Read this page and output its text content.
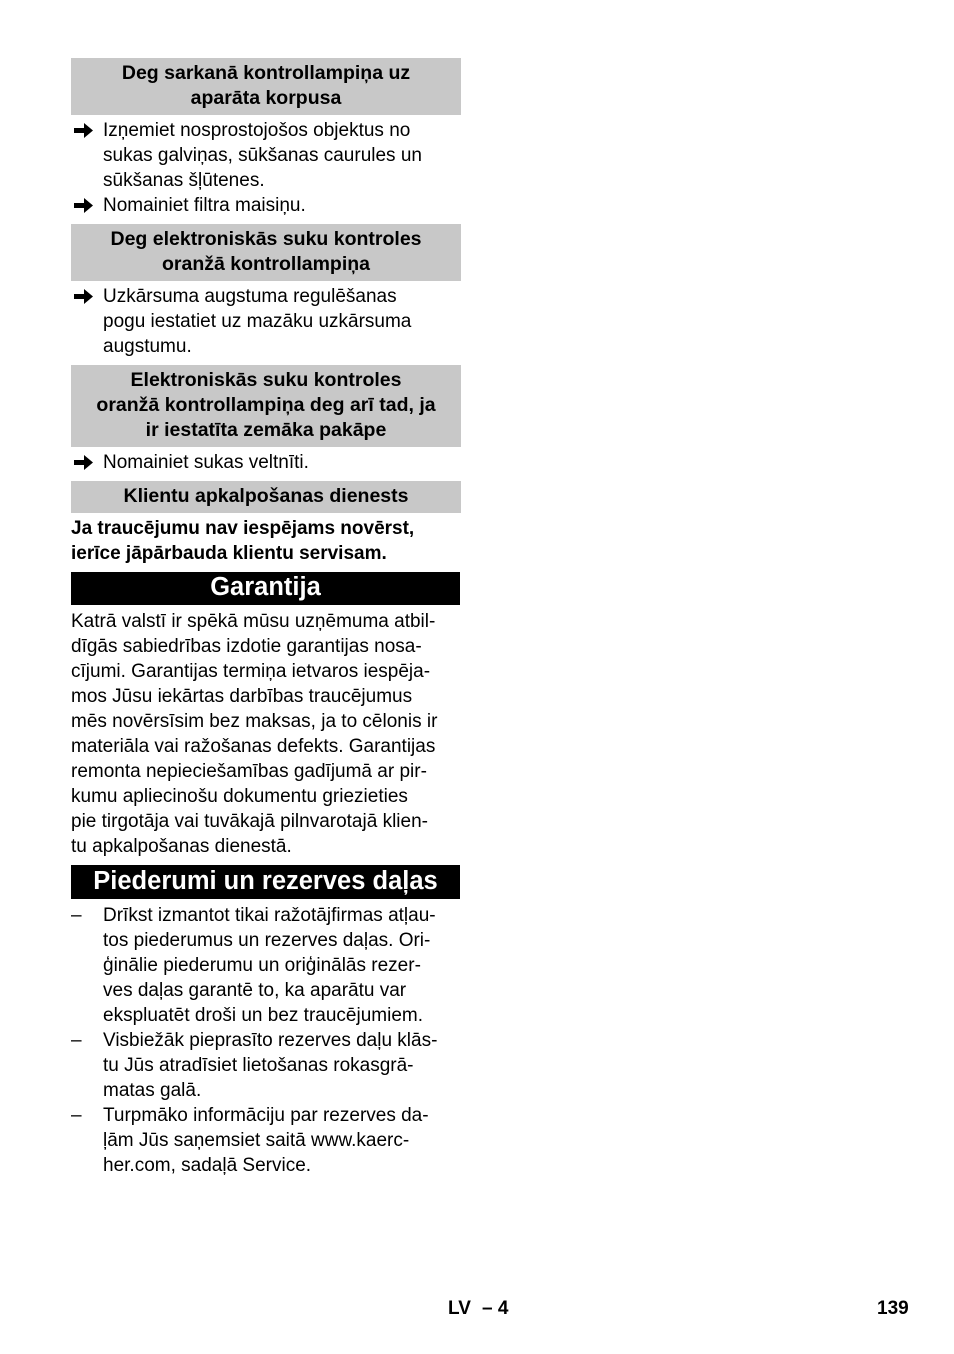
Deg sarkanā kontrollampiņa uz
aparāta korpusa
Izņemiet nosprostojošos objektus no
sukas galviņas, sūkšanas caurules un
sūkšanas šļūtenes.
Nomainiet filtra maisiņu.
Deg elektroniskās suku kontroles
oranžā kontrollampiņa
Uzkārsuma augstuma regulēšanas
pogu iestatiet uz mazāku uzkārsuma
augstumu.
Elektroniskās suku kontroles
oranžā kontrollampiņa deg arī tad, ja
ir iestatīta zemāka pakāpe
Nomainiet sukas veltnīti.
Klientu apkalpošanas dienests
Ja traucējumu nav iespējams novērst,
ierīce jāpārbauda klientu servisam.
Garantija
Katrā valstī ir spēkā mūsu uzņēmuma atbil-
dīgās sabiedrības izdotie garantijas nosa-
cījumi. Garantijas termiņa ietvaros iespēja-
mos Jūsu iekārtas darbības traucējumus
mēs novērsīsim bez maksas, ja to cēlonis ir
materiāla vai ražošanas defekts. Garantijas
remonta nepieciešamības gadījumā ar pir-
kumu apliecinošu dokumentu griezieties
pie tirgotāja vai tuvākajā pilnvarotajā klien-
tu apkalpošanas dienestā.
Piederumi un rezerves daļas
– Drīkst izmantot tikai ražotājfirmas atļau-
tos piederumus un rezerves daļas. Ori-
ģinālie piederumu un oriģinālās rezer-
ves daļas garantē to, ka aparātu var
ekspluatēt droši un bez traucējumiem.
– Visbiežāk pieprasīto rezerves daļu klās-
tu Jūs atradīsiet lietošanas rokasgrā-
matas galā.
– Turpmāko informāciju par rezerves da-
ļām Jūs saņemsiet saitā www.kaerc-
her.com, sadaļā Service.
LV – 4	139
